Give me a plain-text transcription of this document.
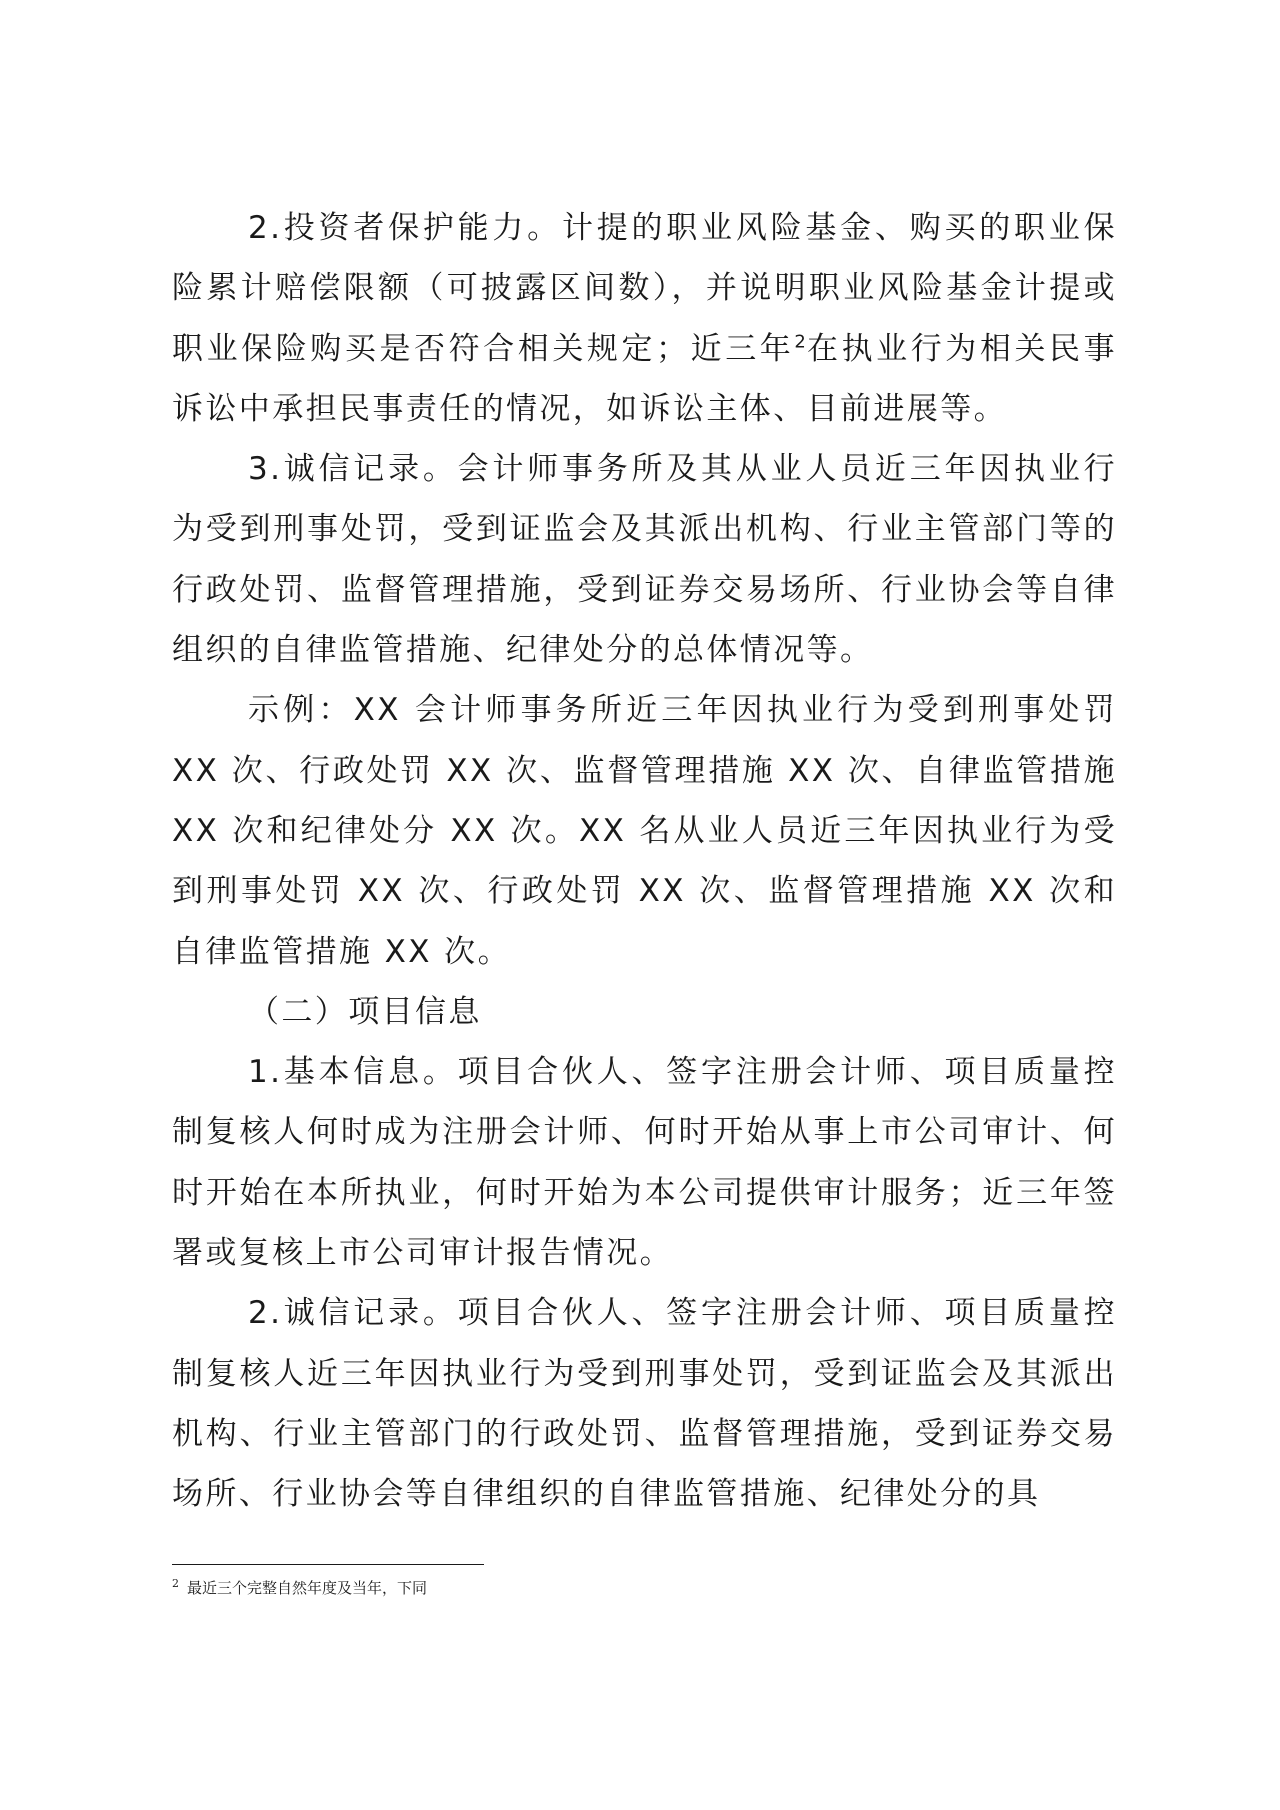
2.投资者保护能力。计提的职业风险基金、购买的职业保险累计赔偿限额（可披露区间数），并说明职业风险基金计提或职业保险购买是否符合相关规定；近三年$^2$在执业行为相关民事诉讼中承担民事责任的情况，如诉讼主体、目前进展等。

3.诚信记录。会计师事务所及其从业人员近三年因执业行为受到刑事处罚，受到证监会及其派出机构、行业主管部门等的行政处罚、监督管理措施，受到证券交易场所、行业协会等自律组织的自律监管措施、纪律处分的总体情况等。

示例：XX 会计师事务所近三年因执业行为受到刑事处罚 XX 次、行政处罚 XX 次、监督管理措施 XX 次、自律监管措施 XX 次和纪律处分 XX 次。XX 名从业人员近三年因执业行为受到刑事处罚 XX 次、行政处罚 XX 次、监督管理措施 XX 次和自律监管措施 XX 次。

（二）项目信息

1.基本信息。项目合伙人、签字注册会计师、项目质量控制复核人何时成为注册会计师、何时开始从事上市公司审计、何时开始在本所执业，何时开始为本公司提供审计服务；近三年签署或复核上市公司审计报告情况。

2.诚信记录。项目合伙人、签字注册会计师、项目质量控制复核人近三年因执业行为受到刑事处罚，受到证监会及其派出机构、行业主管部门的行政处罚、监督管理措施，受到证券交易场所、行业协会等自律组织的自律监管措施、纪律处分的具

$^2$ 最近三个完整自然年度及当年，下同
